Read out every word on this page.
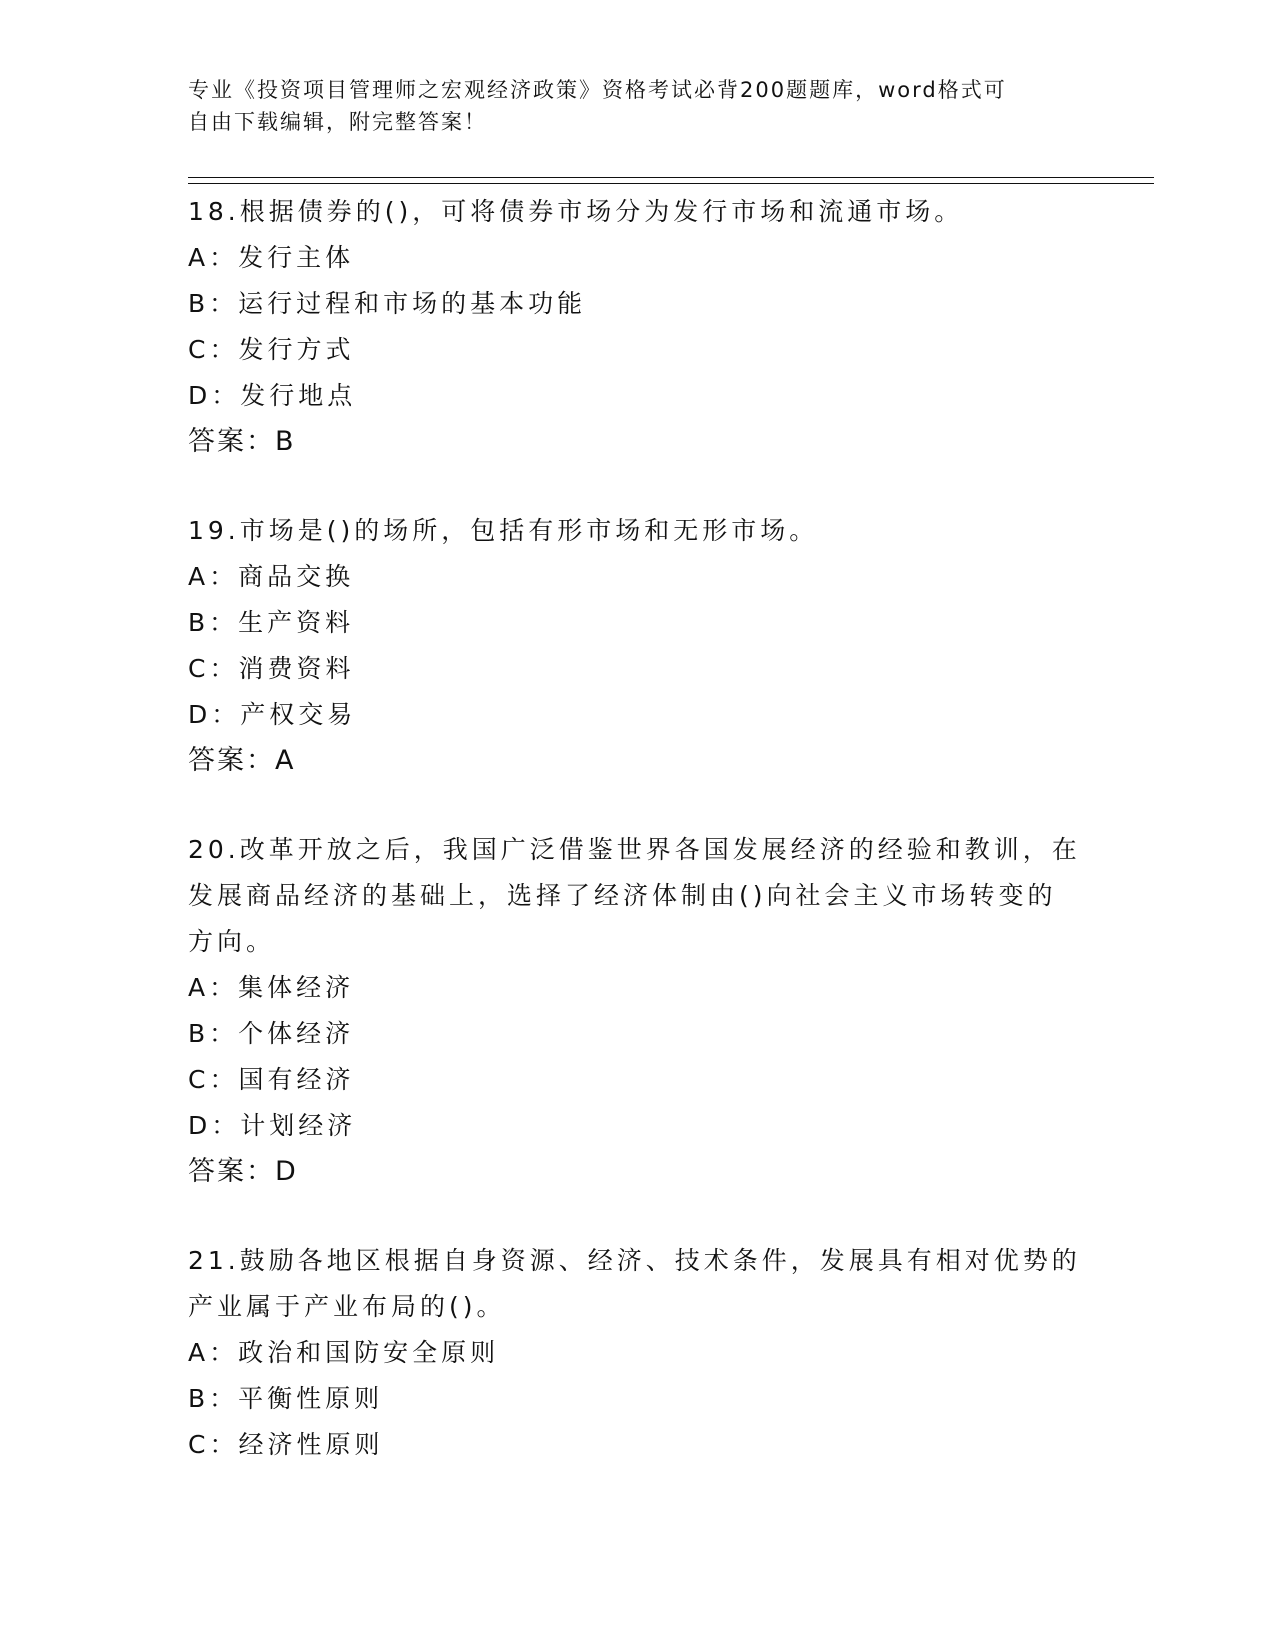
专业《投资项目管理师之宏观经济政策》资格考试必背200题题库，word格式可
自由下载编辑，附完整答案！
18.根据债券的()，可将债券市场分为发行市场和流通市场。
A：发行主体
B：运行过程和市场的基本功能
C：发行方式
D：发行地点
答案：B
19.市场是()的场所，包括有形市场和无形市场。
A：商品交换
B：生产资料
C：消费资料
D：产权交易
答案：A
20.改革开放之后，我国广泛借鉴世界各国发展经济的经验和教训，在
发展商品经济的基础上，选择了经济体制由()向社会主义市场转变的
方向。
A：集体经济
B：个体经济
C：国有经济
D：计划经济
答案：D
21.鼓励各地区根据自身资源、经济、技术条件，发展具有相对优势的
产业属于产业布局的()。
A：政治和国防安全原则
B：平衡性原则
C：经济性原则
